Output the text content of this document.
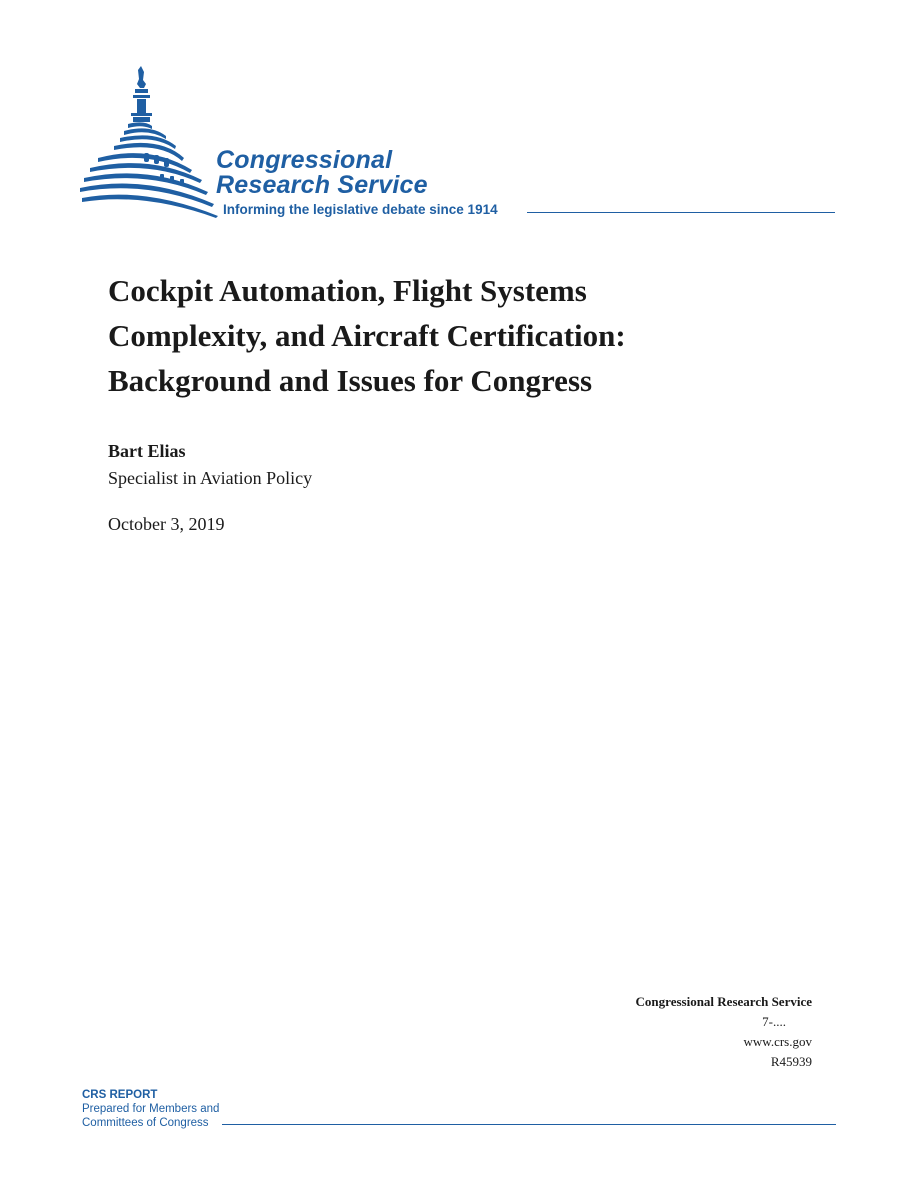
Congressional
Research Service
Informing the legislative debate since 1914
Cockpit Automation, Flight Systems
Complexity, and Aircraft Certification:
Background and Issues for Congress
Bart Elias
Specialist in Aviation Policy
October 3, 2019
Congressional Research Service
7-....
www.crs.gov
R45939
CRS REPORT
Prepared for Members and
Committees of Congress
